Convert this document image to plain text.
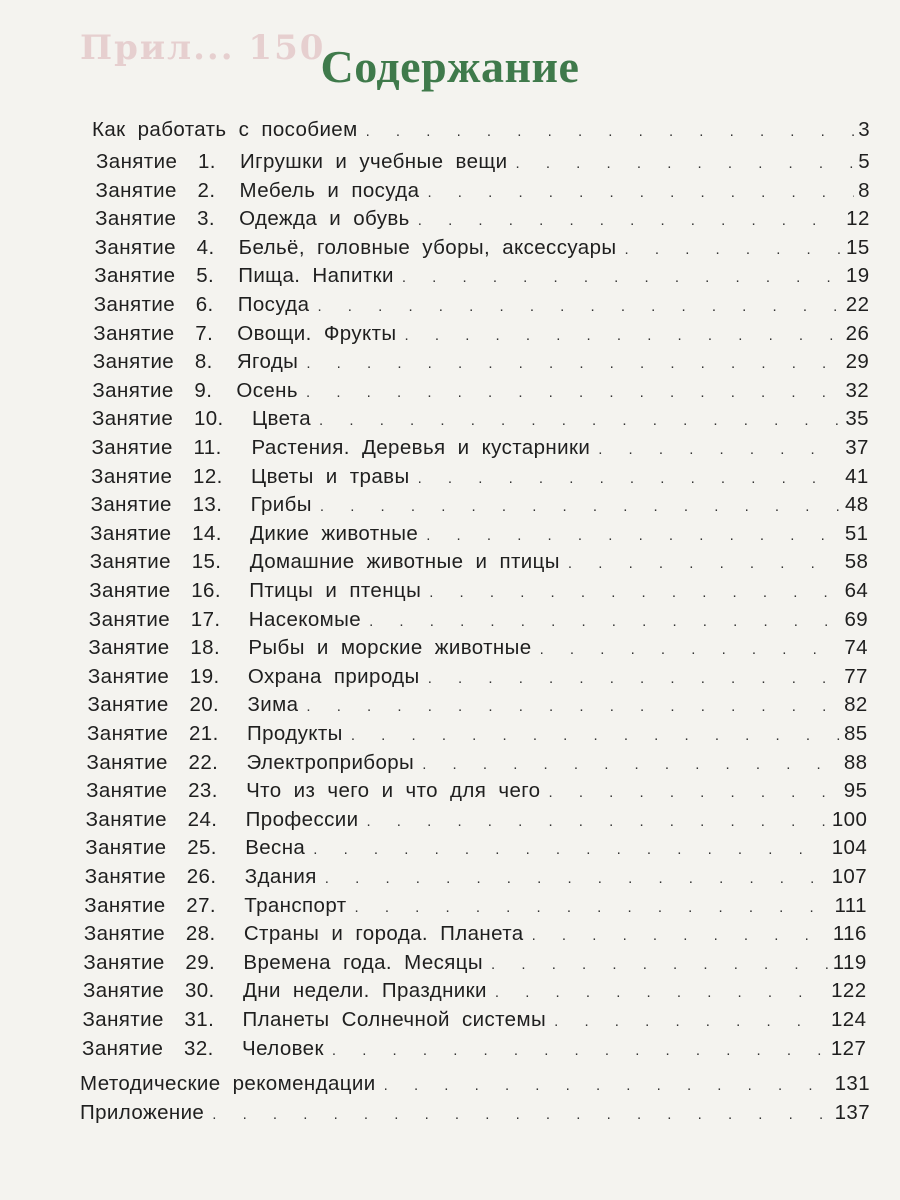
Прил... 150
Содержание
Как работать с пособием . . .	3
Занятие 1. Игрушки и учебные вещи . . .	5
Занятие 2. Мебель и посуда . . .	8
Занятие 3. Одежда и обувь . . .	12
Занятие 4. Бельё, головные уборы, аксессуары . . .	15
Занятие 5. Пища. Напитки . . .	19
Занятие 6. Посуда . . .	22
Занятие 7. Овощи. Фрукты . . .	26
Занятие 8. Ягоды . . .	29
Занятие 9. Осень . . .	32
Занятие 10. Цвета . . .	35
Занятие 11. Растения. Деревья и кустарники . . .	37
Занятие 12. Цветы и травы . . .	41
Занятие 13. Грибы . . .	48
Занятие 14. Дикие животные . . .	51
Занятие 15. Домашние животные и птицы . . .	58
Занятие 16. Птицы и птенцы . . .	64
Занятие 17. Насекомые . . .	69
Занятие 18. Рыбы и морские животные . . .	74
Занятие 19. Охрана природы . . .	77
Занятие 20. Зима . . .	82
Занятие 21. Продукты . . .	85
Занятие 22. Электроприборы . . .	88
Занятие 23. Что из чего и что для чего . . .	95
Занятие 24. Профессии . . .	100
Занятие 25. Весна . . .	104
Занятие 26. Здания . . .	107
Занятие 27. Транспорт . . .	111
Занятие 28. Страны и города. Планета . . .	116
Занятие 29. Времена года. Месяцы . . .	119
Занятие 30. Дни недели. Праздники . . .	122
Занятие 31. Планеты Солнечной системы . . .	124
Занятие 32. Человек . . .	127
Методические рекомендации . . .	131
Приложение . . .	137
